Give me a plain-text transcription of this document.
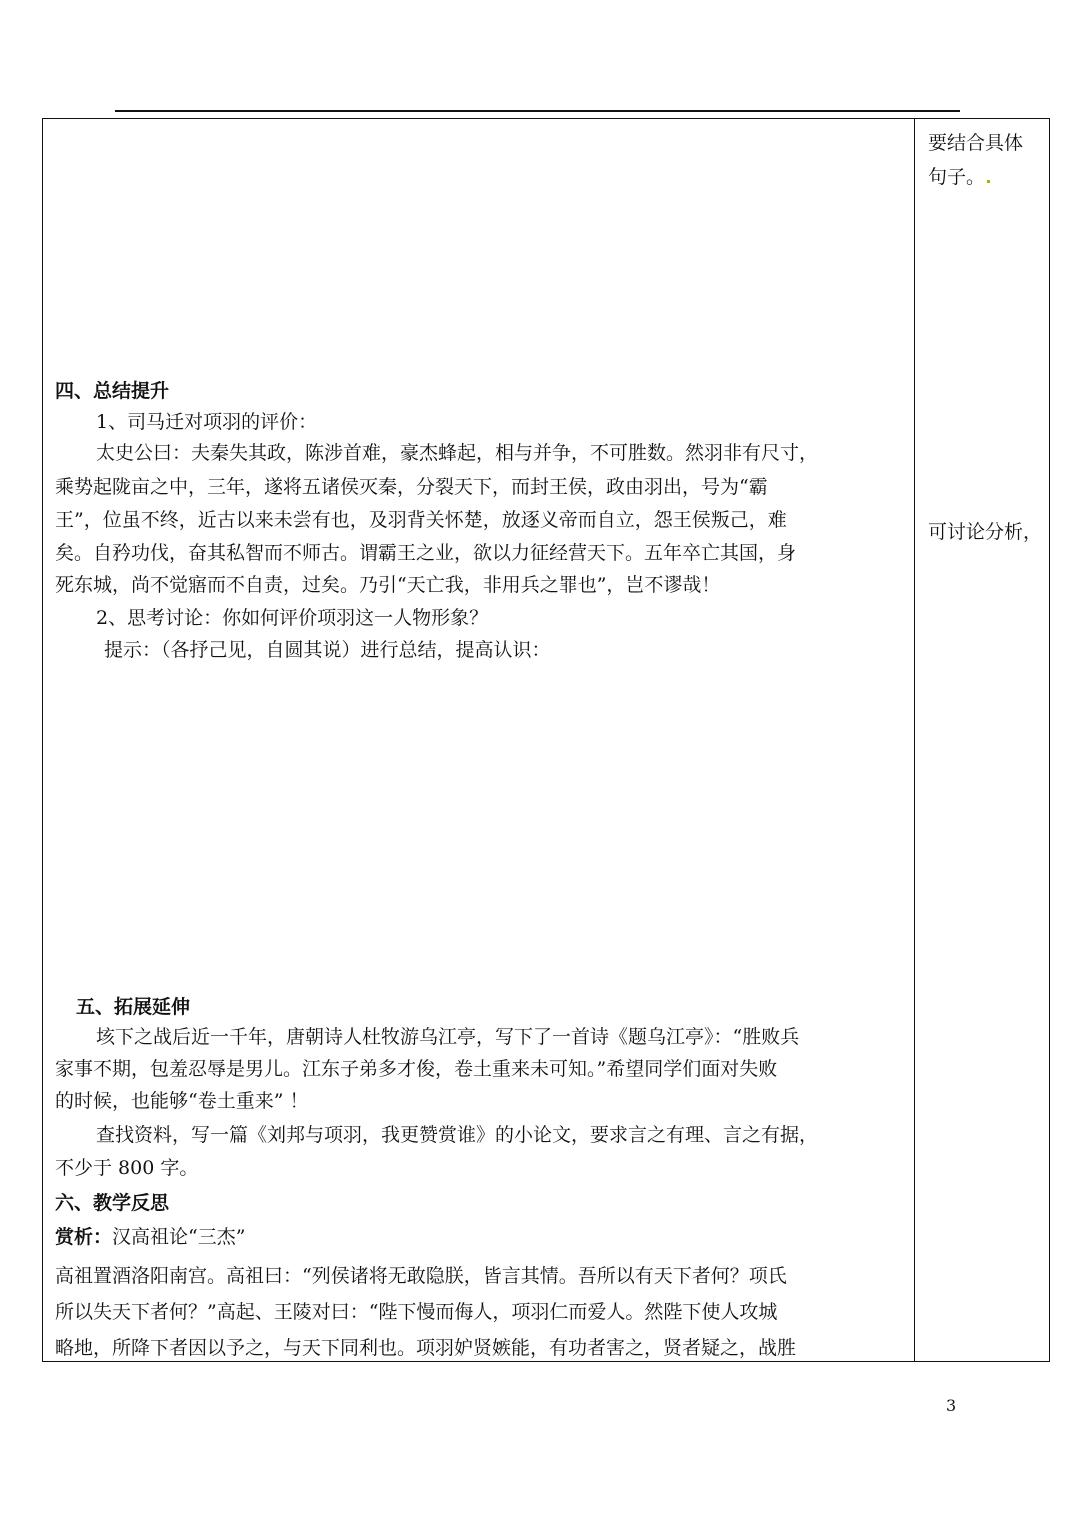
要结合具体
句子。
可讨论分析，
四、总结提升
1、司马迁对项羽的评价：
太史公曰：夫秦失其政，陈涉首难，豪杰蜂起，相与并争，不可胜数。然羽非有尺寸，
乘势起陇亩之中，三年，遂将五诸侯灭秦，分裂天下，而封王侯，政由羽出，号为“霸
王”，位虽不终，近古以来未尝有也，及羽背关怀楚，放逐义帝而自立，怨王侯叛己，难
矣。自矜功伐，奋其私智而不师古。谓霸王之业，欲以力征经营天下。五年卒亡其国，身
死东城，尚不觉寤而不自责，过矣。乃引“天亡我，非用兵之罪也”，岂不谬哉！
2、思考讨论：你如何评价项羽这一人物形象？
提示：（各抒己见，自圆其说）进行总结，提高认识：
五、拓展延伸
垓下之战后近一千年，唐朝诗人杜牧游乌江亭，写下了一首诗《题乌江亭》：“胜败兵
家事不期，包羞忍辱是男儿。江东子弟多才俊，卷土重来未可知。”希望同学们面对失败
的时候，也能够“卷土重来” ！
查找资料，写一篇《刘邦与项羽，我更赞赏谁》的小论文，要求言之有理、言之有据，
不少于 800 字。
六、教学反思
赏析：汉高祖论“三杰”
高祖置酒洛阳南宫。高祖曰：“列侯诸将无敢隐朕，皆言其情。吾所以有天下者何？项氏
所以失天下者何？”高起、王陵对曰：“陛下慢而侮人，项羽仁而爱人。然陛下使人攻城
略地，所降下者因以予之，与天下同利也。项羽妒贤嫉能，有功者害之，贤者疑之，战胜
3
